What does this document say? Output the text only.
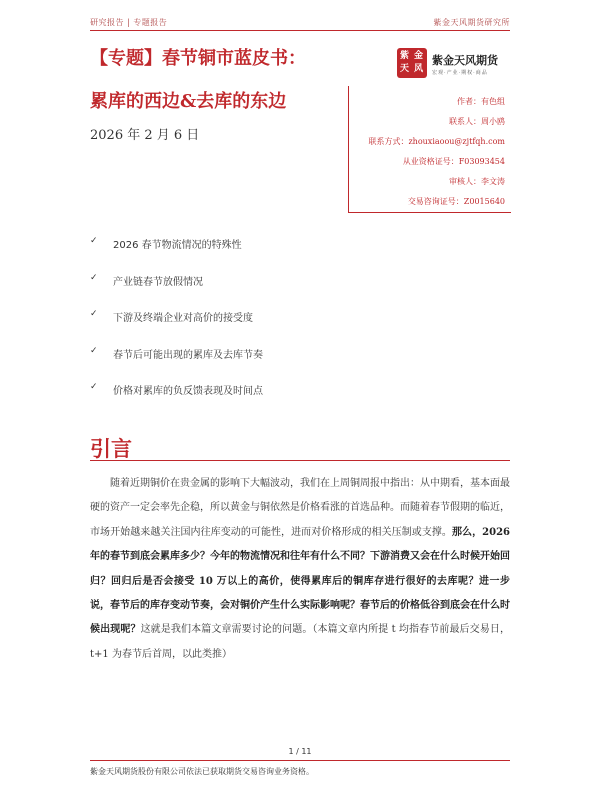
研究报告 | 专题报告	紫金天风期货研究所
【专题】春节铜市蓝皮书：
累库的西边&去库的东边
2026 年 2 月 6 日
紫 金
天 风
紫金天风期货
宏观·产业·期权·商品
作者：有色组
联系人：周小鸥
联系方式：zhouxiaoou@zjtfqh.com
从业资格证号：F03093454
审核人：李文涛
交易咨询证号：Z0015640
✓ 2026 春节物流情况的特殊性
✓ 产业链春节放假情况
✓ 下游及终端企业对高价的接受度
✓ 春节后可能出现的累库及去库节奏
✓ 价格对累库的负反馈表现及时间点
引言

随着近期铜价在贵金属的影响下大幅波动，我们在上周铜周报中指出：从中期看，基本面最硬的资产一定会率先企稳，所以黄金与铜依然是价格看涨的首选品种。而随着春节假期的临近，市场开始越来越关注国内往库变动的可能性，进而对价格形成的相关压制或支撑。那么，2026 年的春节到底会累库多少？今年的物流情况和往年有什么不同？下游消费又会在什么时候开始回归？回归后是否会接受 10 万以上的高价，使得累库后的铜库存进行很好的去库呢？进一步说，春节后的库存变动节奏，会对铜价产生什么实际影响呢？春节后的价格低谷到底会在什么时候出现呢？这就是我们本篇文章需要讨论的问题。（本篇文章内所提 t 均指春节前最后交易日，t+1 为春节后首周，以此类推）

1 / 11
紫金天风期货股份有限公司依法已获取期货交易咨询业务资格。
